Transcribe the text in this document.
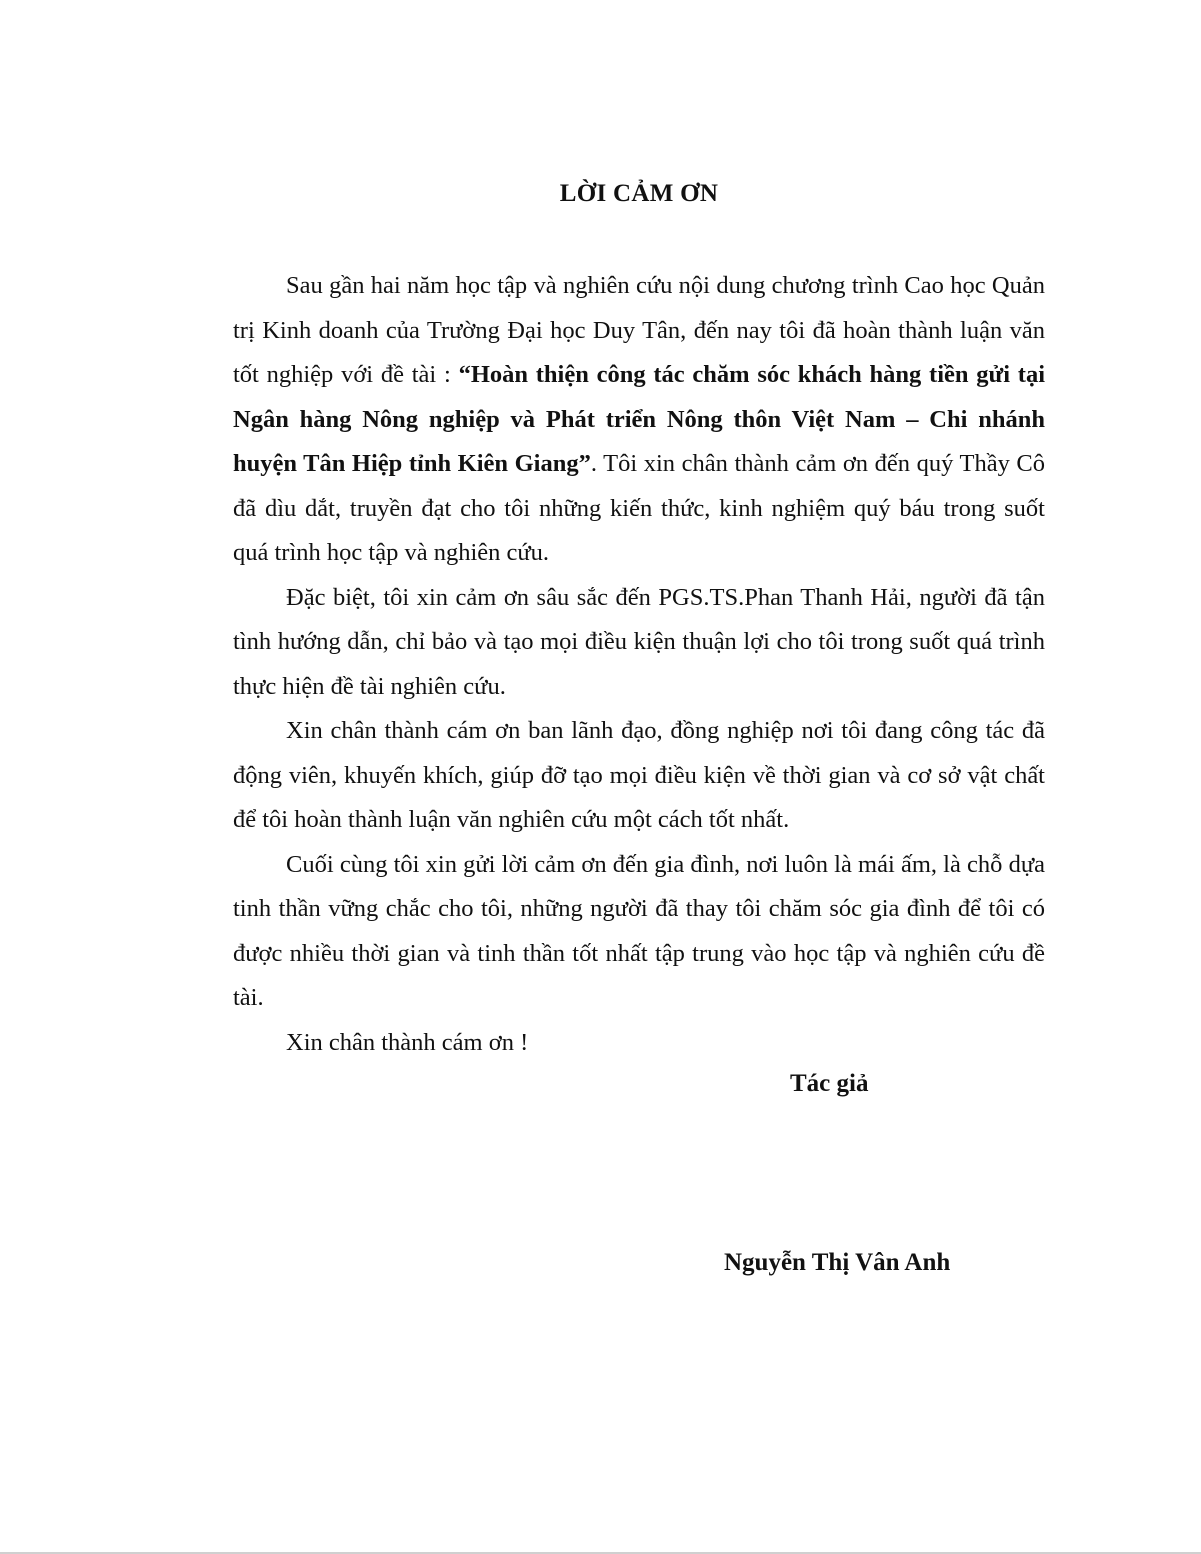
LỜI CẢM ƠN

Sau gần hai năm học tập và nghiên cứu nội dung chương trình Cao học Quản trị Kinh doanh của Trường Đại học Duy Tân, đến nay tôi đã hoàn thành luận văn tốt nghiệp với đề tài : “Hoàn thiện công tác chăm sóc khách hàng tiền gửi tại Ngân hàng Nông nghiệp và Phát triển Nông thôn Việt Nam – Chi nhánh huyện Tân Hiệp tỉnh Kiên Giang”. Tôi xin chân thành cảm ơn đến quý Thầy Cô đã dìu dắt, truyền đạt cho tôi những kiến thức, kinh nghiệm quý báu trong suốt quá trình học tập và nghiên cứu.

Đặc biệt, tôi xin cảm ơn sâu sắc đến PGS.TS.Phan Thanh Hải, người đã tận tình hướng dẫn, chỉ bảo và tạo mọi điều kiện thuận lợi cho tôi trong suốt quá trình thực hiện đề tài nghiên cứu.

Xin chân thành cám ơn ban lãnh đạo, đồng nghiệp nơi tôi đang công tác đã động viên, khuyến khích, giúp đỡ tạo mọi điều kiện về thời gian và cơ sở vật chất để tôi hoàn thành luận văn nghiên cứu một cách tốt nhất.

Cuối cùng tôi xin gửi lời cảm ơn đến gia đình, nơi luôn là mái ấm, là chỗ dựa tinh thần vững chắc cho tôi, những người đã thay tôi chăm sóc gia đình để tôi có được nhiều thời gian và tinh thần tốt nhất tập trung vào học tập và nghiên cứu đề tài.

Xin chân thành cám ơn !

Tác giả
Nguyễn Thị Vân Anh
